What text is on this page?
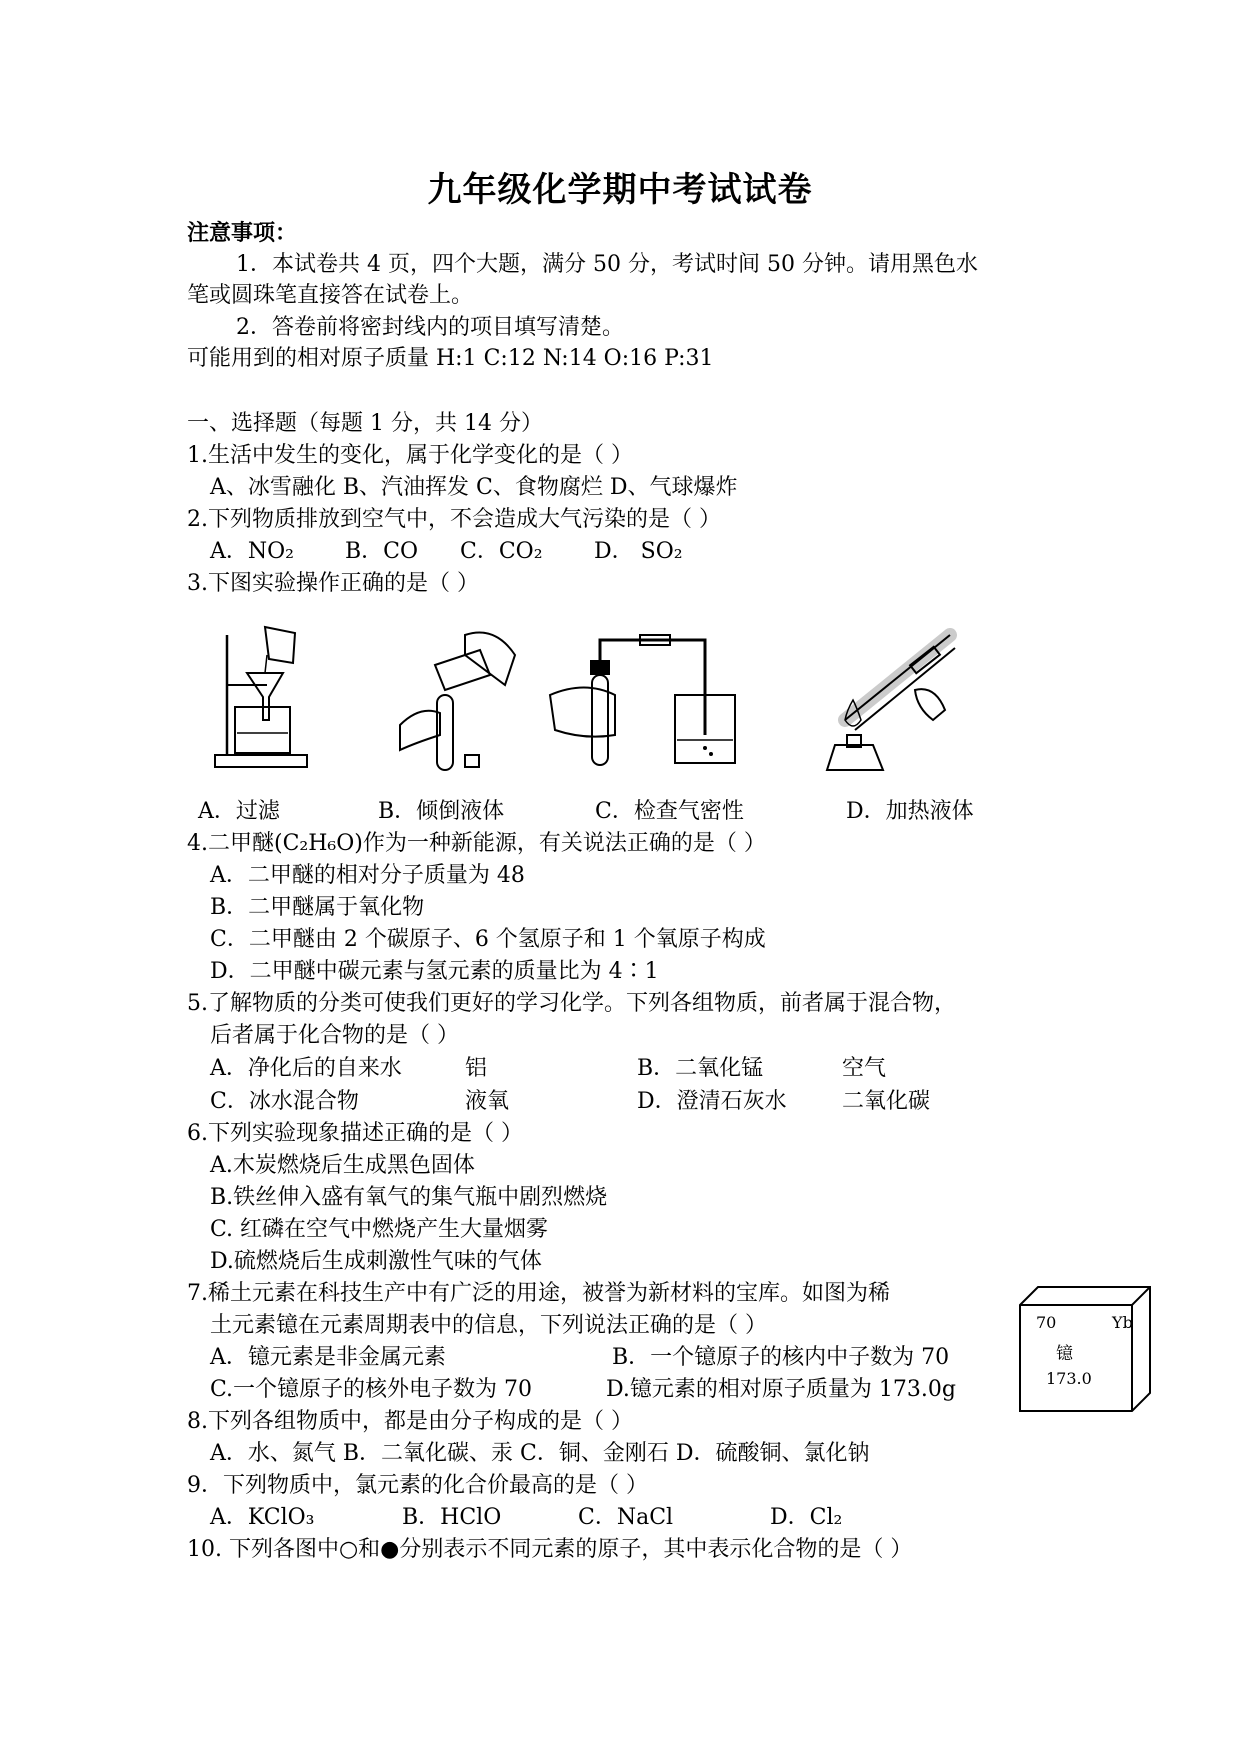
九年级化学期中考试试卷
注意事项：
1．本试卷共 4 页，四个大题，满分 50 分，考试时间 50 分钟。请用黑色水
笔或圆珠笔直接答在试卷上。
2．答卷前将密封线内的项目填写清楚。
可能用到的相对原子质量 H:1 C:12 N:14 O:16 P:31
一、选择题（每题 1 分，共 14 分）
1.生活中发生的变化，属于化学变化的是（ ）
A、冰雪融化 B、汽油挥发 C、食物腐烂 D、气球爆炸
2.下列物质排放到空气中，不会造成大气污染的是（ ）
A．NO₂ B．CO C．CO₂ D． SO₂
3.下图实验操作正确的是（ ）
A．过滤	B．倾倒液体	C．检查气密性	D．加热液体
4.二甲醚(C₂H₆O)作为一种新能源，有关说法正确的是（ ）
A．二甲醚的相对分子质量为 48
B．二甲醚属于氧化物
C．二甲醚由 2 个碳原子、6 个氢原子和 1 个氧原子构成
D．二甲醚中碳元素与氢元素的质量比为 4∶1
5.了解物质的分类可使我们更好的学习化学。下列各组物质，前者属于混合物，
后者属于化合物的是（ ）
A．净化后的自来水	铝	B．二氧化锰	空气
C．冰水混合物	液氧	D．澄清石灰水	二氧化碳
6.下列实验现象描述正确的是（ ）
A.木炭燃烧后生成黑色固体
B.铁丝伸入盛有氧气的集气瓶中剧烈燃烧
C. 红磷在空气中燃烧产生大量烟雾
D.硫燃烧后生成刺激性气味的气体
7.稀土元素在科技生产中有广泛的用途，被誉为新材料的宝库。如图为稀
土元素镱在元素周期表中的信息，下列说法正确的是（ ）
A．镱元素是非金属元素	B．一个镱原子的核内中子数为 70
C.一个镱原子的核外电子数为 70	D.镱元素的相对原子质量为 173.0g
70	Yb
镱
173.0
8.下列各组物质中，都是由分子构成的是（ ）
A．水、氮气 B．二氧化碳、汞 C．铜、金刚石 D．硫酸铜、氯化钠
9．下列物质中，氯元素的化合价最高的是（ ）
A．KClO₃	B．HClO	C．NaCl	D．Cl₂
10. 下列各图中○和●分别表示不同元素的原子，其中表示化合物的是（ ）
